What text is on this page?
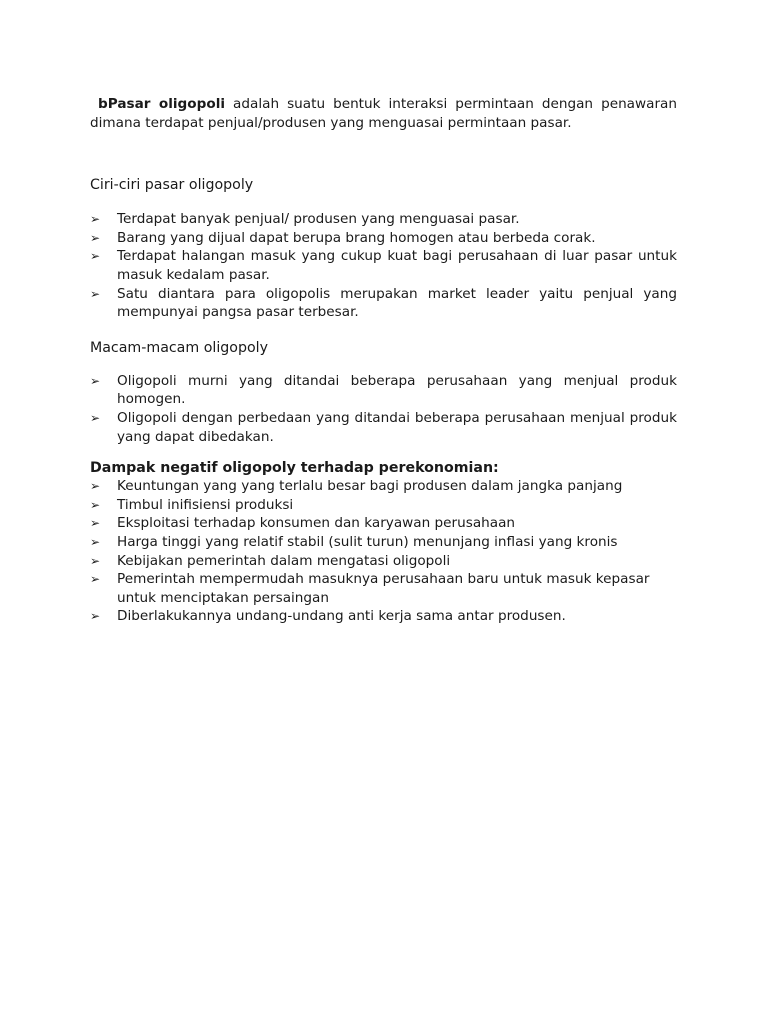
bPasar oligopoli adalah suatu bentuk interaksi permintaan dengan penawaran dimana terdapat penjual/produsen yang menguasai permintaan pasar.

Ciri-ciri pasar oligopoly
➢ Terdapat banyak penjual/ produsen yang menguasai pasar.
➢ Barang yang dijual dapat berupa brang homogen atau berbeda corak.
➢ Terdapat halangan masuk yang cukup kuat bagi perusahaan di luar pasar untuk masuk kedalam pasar.
➢ Satu diantara para oligopolis merupakan market leader yaitu penjual yang mempunyai pangsa pasar terbesar.
Macam-macam oligopoly
➢ Oligopoli murni yang ditandai beberapa perusahaan yang menjual produk homogen.
➢ Oligopoli dengan perbedaan yang ditandai beberapa perusahaan menjual produk yang dapat dibedakan.
Dampak negatif oligopoly terhadap perekonomian:
➢ Keuntungan yang yang terlalu besar bagi produsen dalam jangka panjang
➢ Timbul inifisiensi produksi
➢ Eksploitasi terhadap konsumen dan karyawan perusahaan
➢ Harga tinggi yang relatif stabil (sulit turun) menunjang inflasi yang kronis
➢ Kebijakan pemerintah dalam mengatasi oligopoli
➢ Pemerintah mempermudah masuknya perusahaan baru untuk masuk kepasar untuk menciptakan persaingan
➢ Diberlakukannya undang-undang anti kerja sama antar produsen.
